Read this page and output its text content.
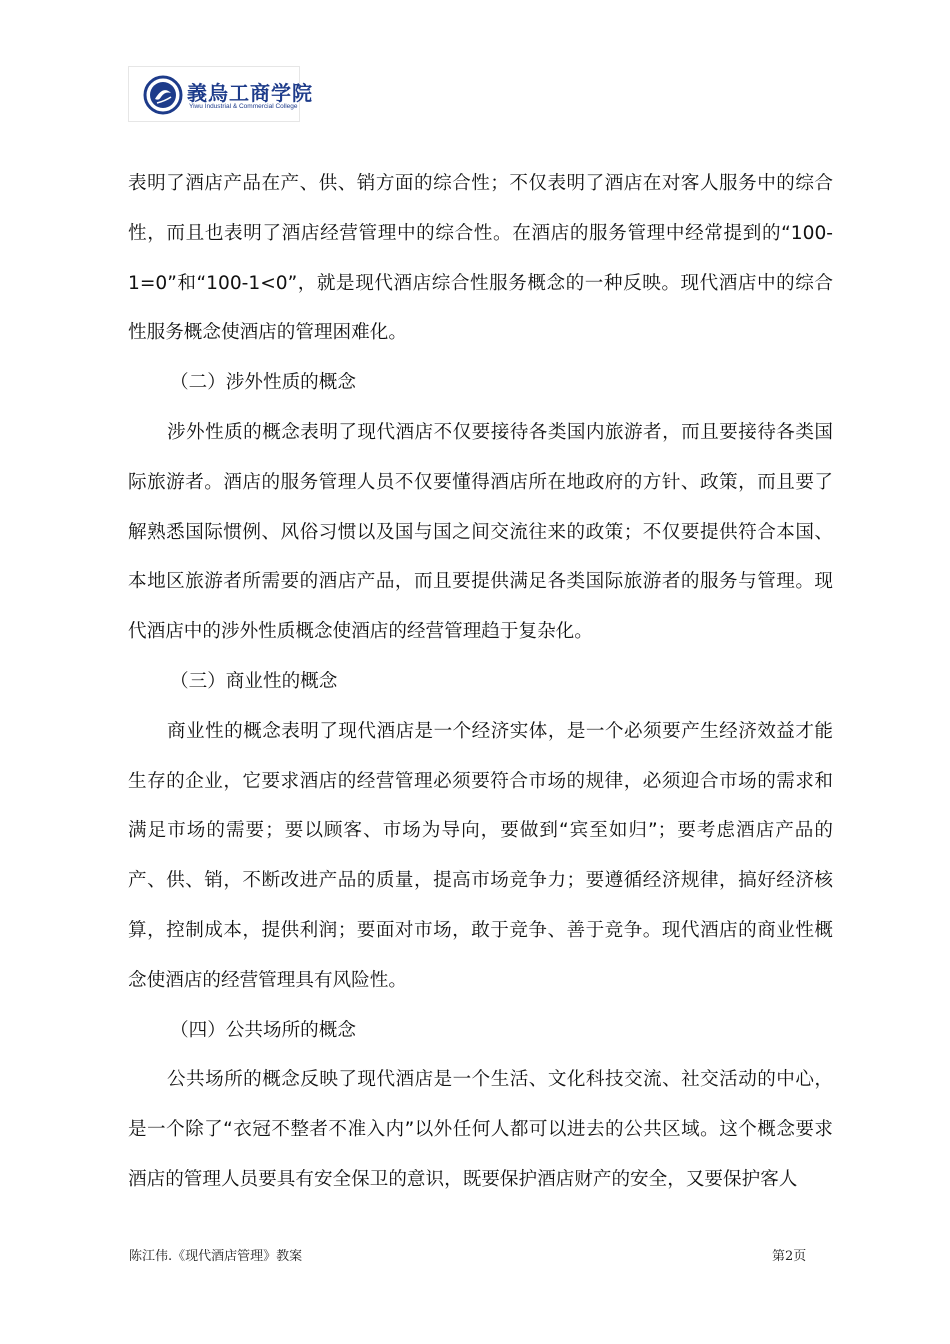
義烏工商学院
Yiwu Industrial & Commercial College

表明了酒店产品在产、供、销方面的综合性；不仅表明了酒店在对客人服务中的综合性，而且也表明了酒店经营管理中的综合性。在酒店的服务管理中经常提到的“100-1=0”和“100-1<0”，就是现代酒店综合性服务概念的一种反映。现代酒店中的综合性服务概念使酒店的管理困难化。

（二）涉外性质的概念

涉外性质的概念表明了现代酒店不仅要接待各类国内旅游者，而且要接待各类国际旅游者。酒店的服务管理人员不仅要懂得酒店所在地政府的方针、政策，而且要了解熟悉国际惯例、风俗习惯以及国与国之间交流往来的政策；不仅要提供符合本国、本地区旅游者所需要的酒店产品，而且要提供满足各类国际旅游者的服务与管理。现代酒店中的涉外性质概念使酒店的经营管理趋于复杂化。

（三）商业性的概念

商业性的概念表明了现代酒店是一个经济实体，是一个必须要产生经济效益才能生存的企业，它要求酒店的经营管理必须要符合市场的规律，必须迎合市场的需求和满足市场的需要；要以顾客、市场为导向，要做到“宾至如归”；要考虑酒店产品的产、供、销，不断改进产品的质量，提高市场竞争力；要遵循经济规律，搞好经济核算，控制成本，提供利润；要面对市场，敢于竞争、善于竞争。现代酒店的商业性概念使酒店的经营管理具有风险性。

（四）公共场所的概念

公共场所的概念反映了现代酒店是一个生活、文化科技交流、社交活动的中心，是一个除了“衣冠不整者不准入内”以外任何人都可以进去的公共区域。这个概念要求酒店的管理人员要具有安全保卫的意识，既要保护酒店财产的安全，又要保护客人

陈江伟.《现代酒店管理》教案	第2页
